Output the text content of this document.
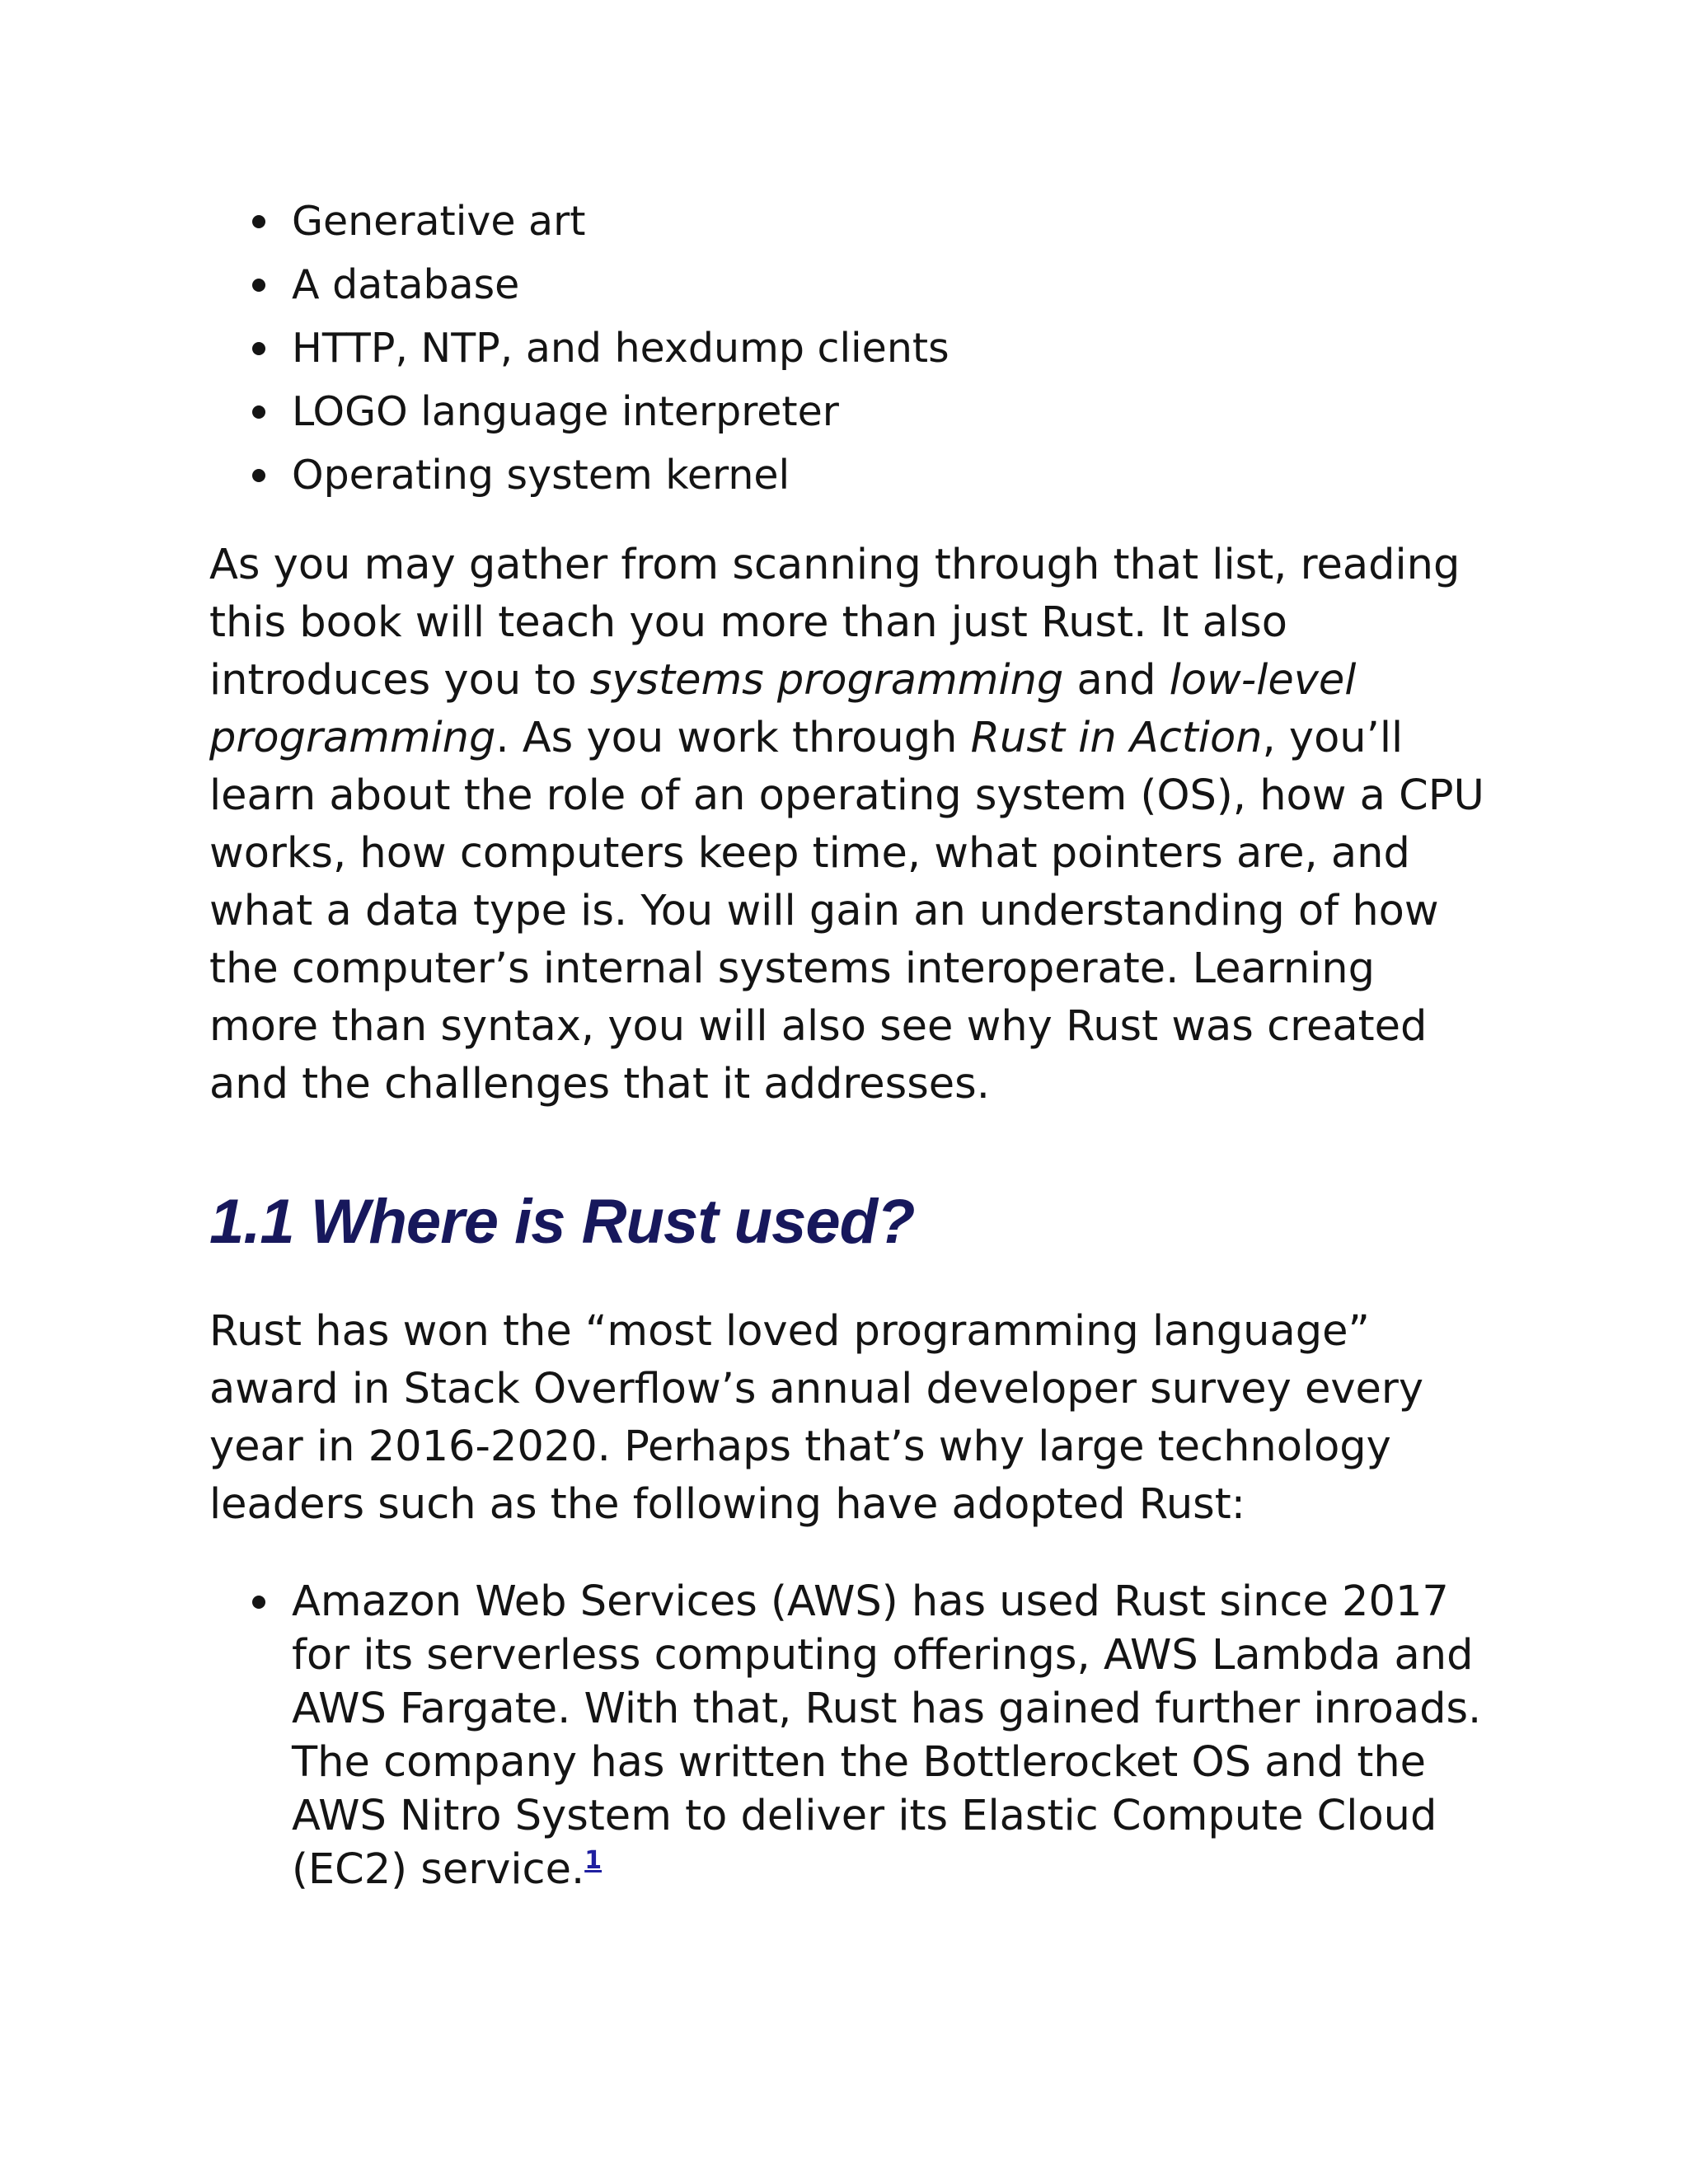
Generative art
A database
HTTP, NTP, and hexdump clients
LOGO language interpreter
Operating system kernel

As you may gather from scanning through that list, reading this book will teach you more than just Rust. It also introduces you to systems programming and low-level programming. As you work through Rust in Action, you’ll learn about the role of an operating system (OS), how a CPU works, how computers keep time, what pointers are, and what a data type is. You will gain an understanding of how the computer’s internal systems interoperate. Learning more than syntax, you will also see why Rust was created and the challenges that it addresses.

1.1 Where is Rust used?

Rust has won the “most loved programming language” award in Stack Overflow’s annual developer survey every year in 2016-2020. Perhaps that’s why large technology leaders such as the following have adopted Rust:

Amazon Web Services (AWS) has used Rust since 2017 for its serverless computing offerings, AWS Lambda and AWS Fargate. With that, Rust has gained further inroads. The company has written the Bottlerocket OS and the AWS Nitro System to deliver its Elastic Compute Cloud (EC2) service.$^1$
